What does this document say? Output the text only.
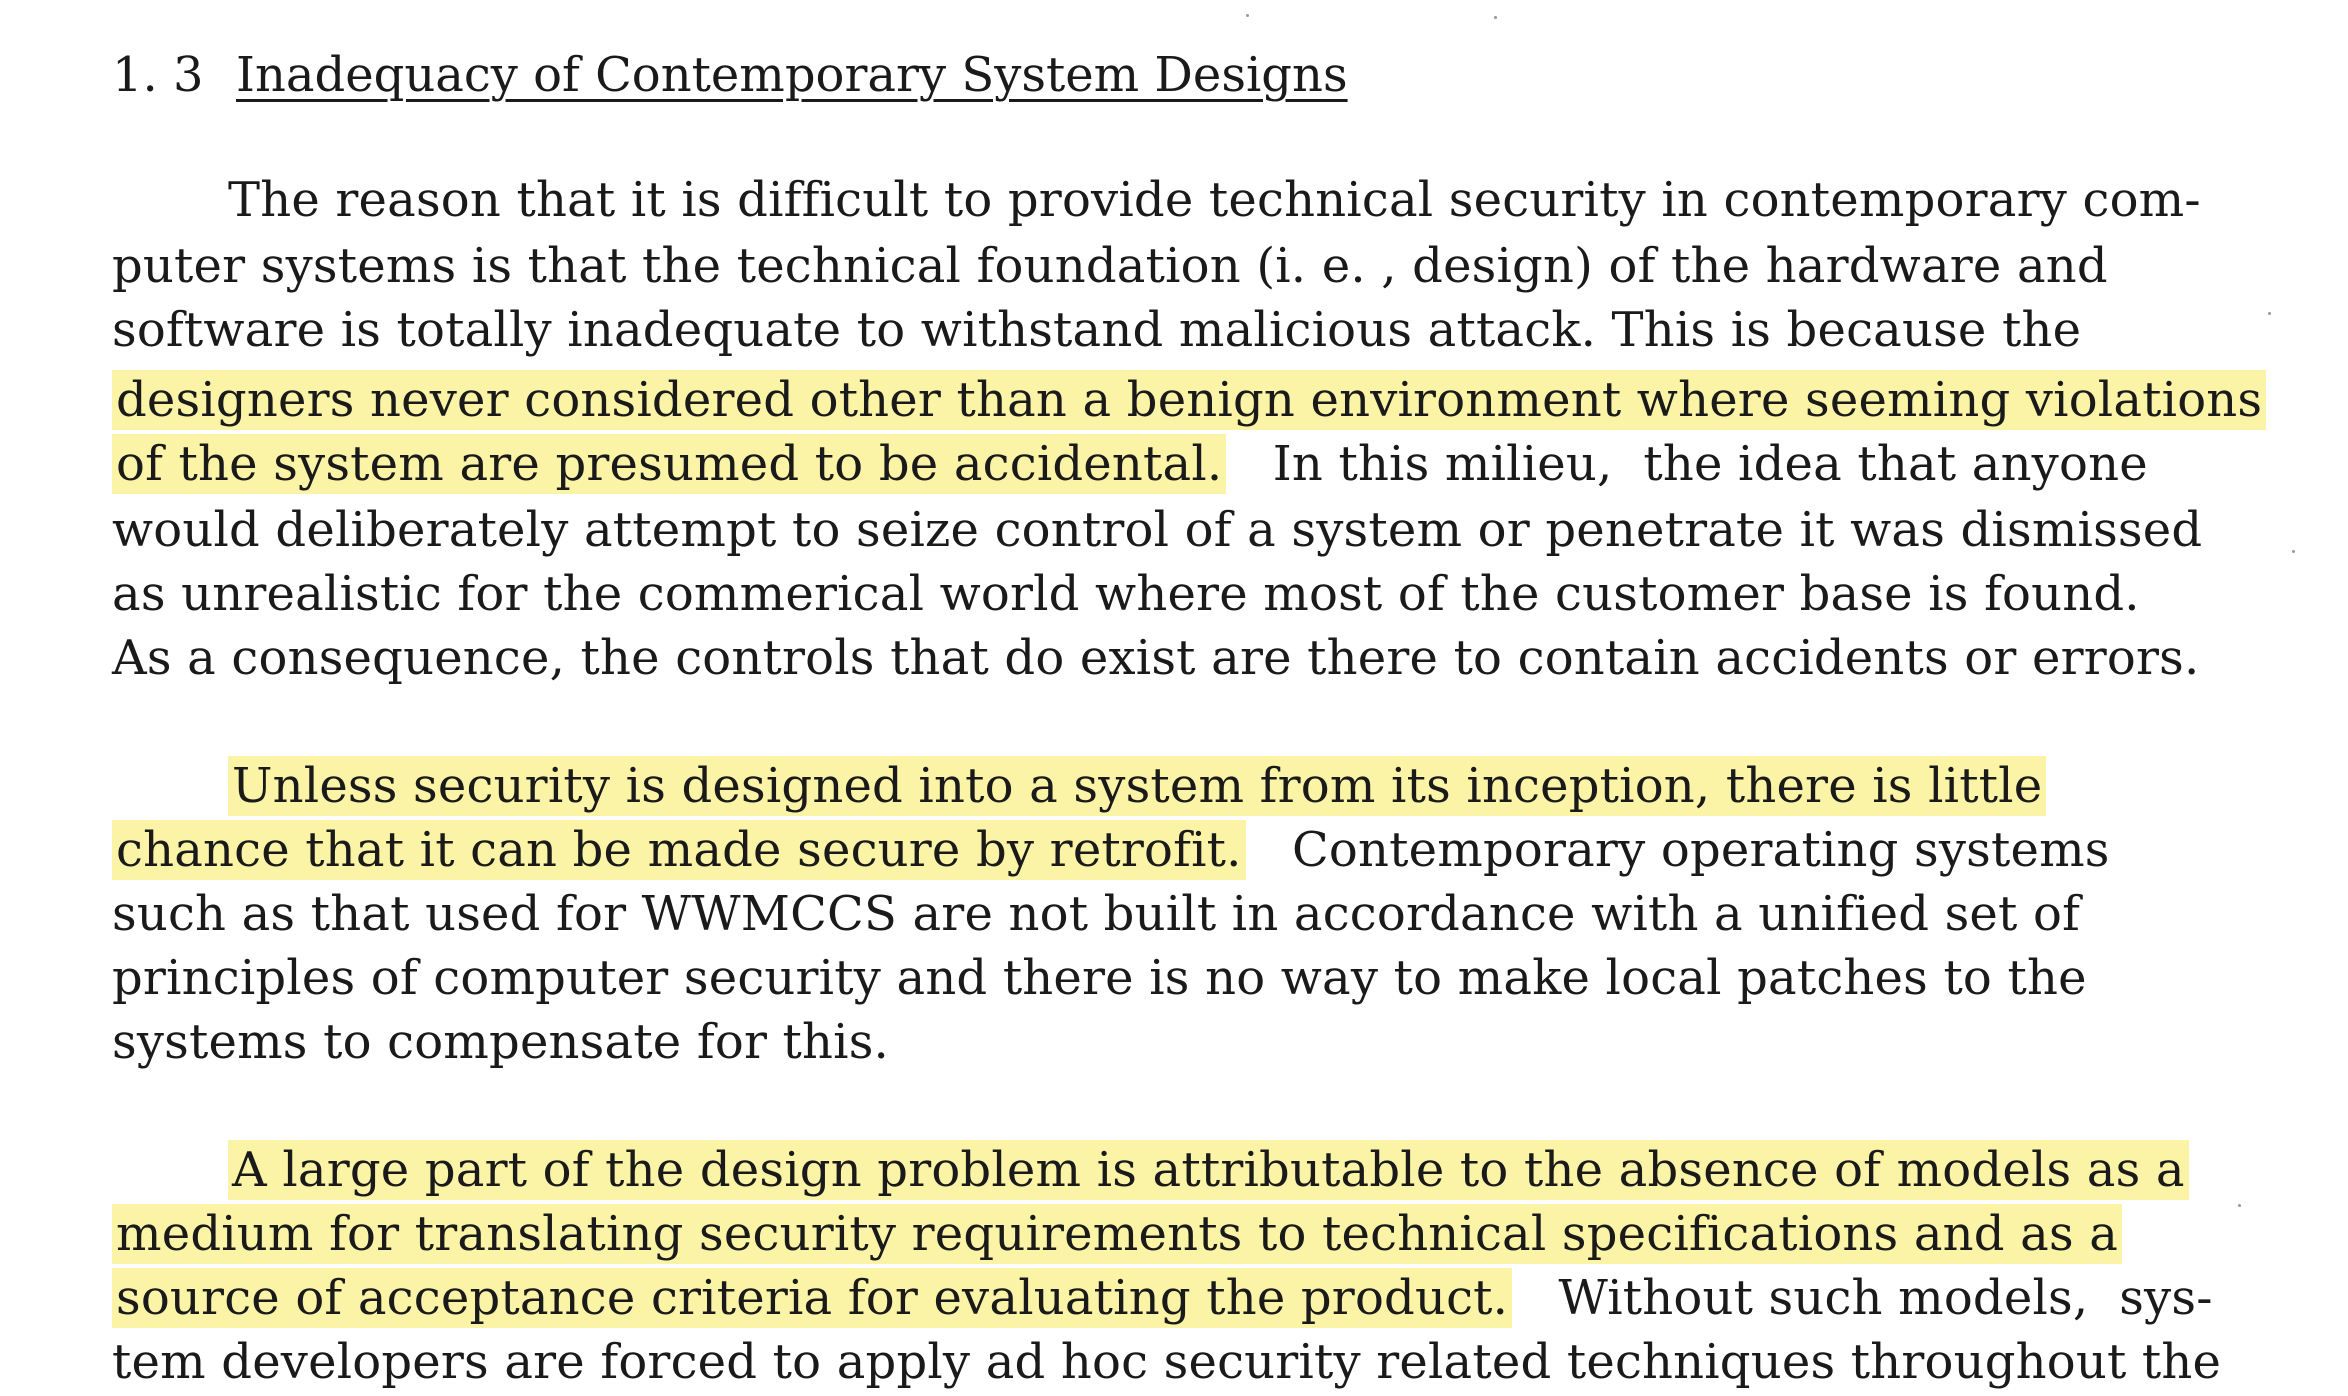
1. 3 Inadequacy of Contemporary System Designs
The reason that it is difficult to provide technical security in contemporary com-
puter systems is that the technical foundation (i. e. , design) of the hardware and
software is totally inadequate to withstand malicious attack. This is because the
designers never considered other than a benign environment where seeming violations
of the system are presumed to be accidental.   In this milieu,  the idea that anyone
would deliberately attempt to seize control of a system or penetrate it was dismissed
as unrealistic for the commerical world where most of the customer base is found.
As a consequence, the controls that do exist are there to contain accidents or errors.
Unless security is designed into a system from its inception, there is little
chance that it can be made secure by retrofit.   Contemporary operating systems
such as that used for WWMCCS are not built in accordance with a unified set of
principles of computer security and there is no way to make local patches to the
systems to compensate for this.
A large part of the design problem is attributable to the absence of models as a
medium for translating security requirements to technical specifications and as a
source of acceptance criteria for evaluating the product.   Without such models,  sys-
tem developers are forced to apply ad hoc security related techniques throughout the
